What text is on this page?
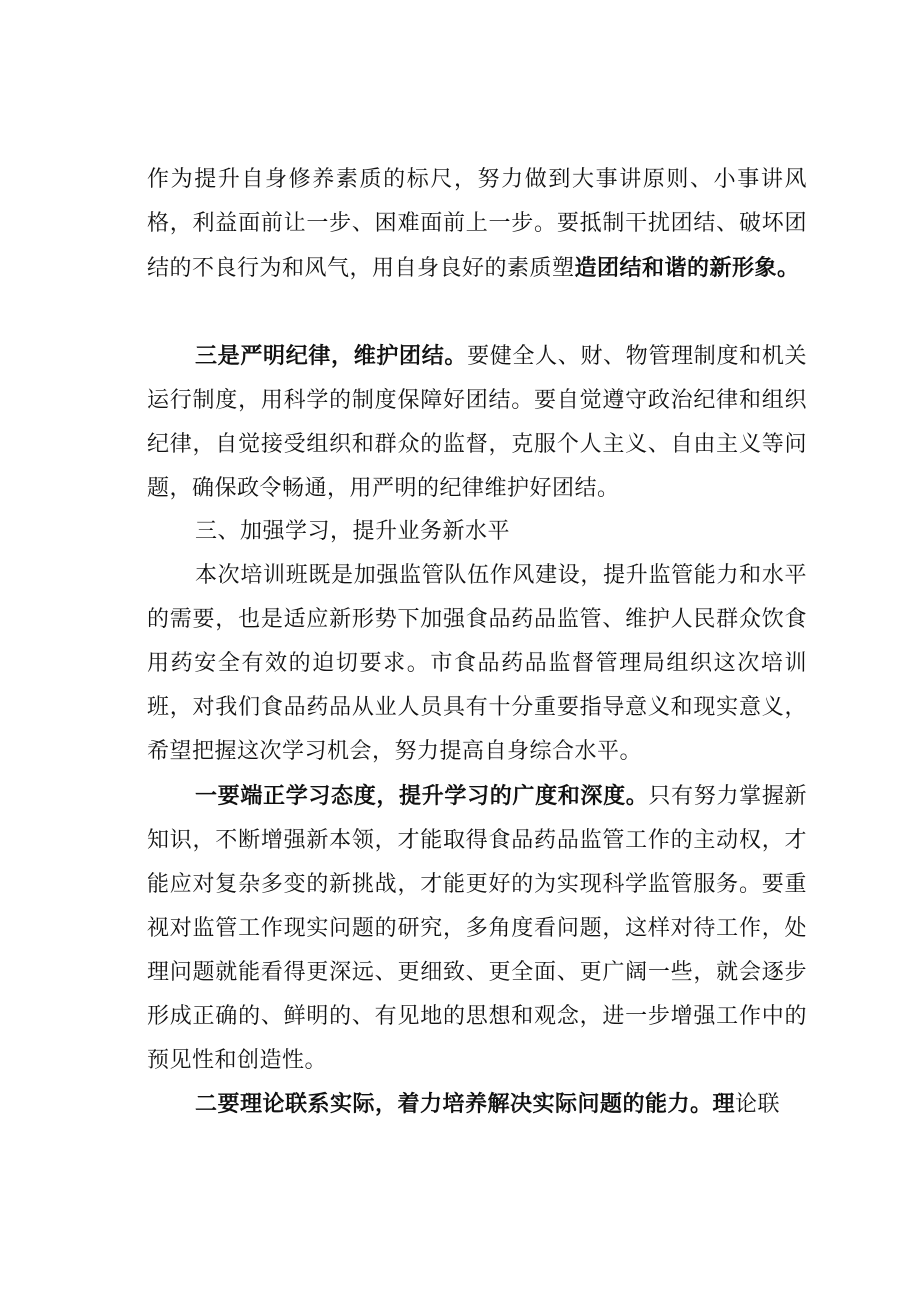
作为提升自身修养素质的标尺，努力做到大事讲原则、小事讲风格，利益面前让一步、困难面前上一步。要抵制干扰团结、破坏团结的不良行为和风气，用自身良好的素质塑造团结和谐的新形象。

三是严明纪律，维护团结。要健全人、财、物管理制度和机关运行制度，用科学的制度保障好团结。要自觉遵守政治纪律和组织纪律，自觉接受组织和群众的监督，克服个人主义、自由主义等问题，确保政令畅通，用严明的纪律维护好团结。

三、加强学习，提升业务新水平

本次培训班既是加强监管队伍作风建设，提升监管能力和水平的需要，也是适应新形势下加强食品药品监管、维护人民群众饮食用药安全有效的迫切要求。市食品药品监督管理局组织这次培训班，对我们食品药品从业人员具有十分重要指导意义和现实意义，希望把握这次学习机会，努力提高自身综合水平。

一要端正学习态度，提升学习的广度和深度。只有努力掌握新知识，不断增强新本领，才能取得食品药品监管工作的主动权，才能应对复杂多变的新挑战，才能更好的为实现科学监管服务。要重视对监管工作现实问题的研究，多角度看问题，这样对待工作，处理问题就能看得更深远、更细致、更全面、更广阔一些，就会逐步形成正确的、鲜明的、有见地的思想和观念，进一步增强工作中的预见性和创造性。

二要理论联系实际，着力培养解决实际问题的能力。理论联
